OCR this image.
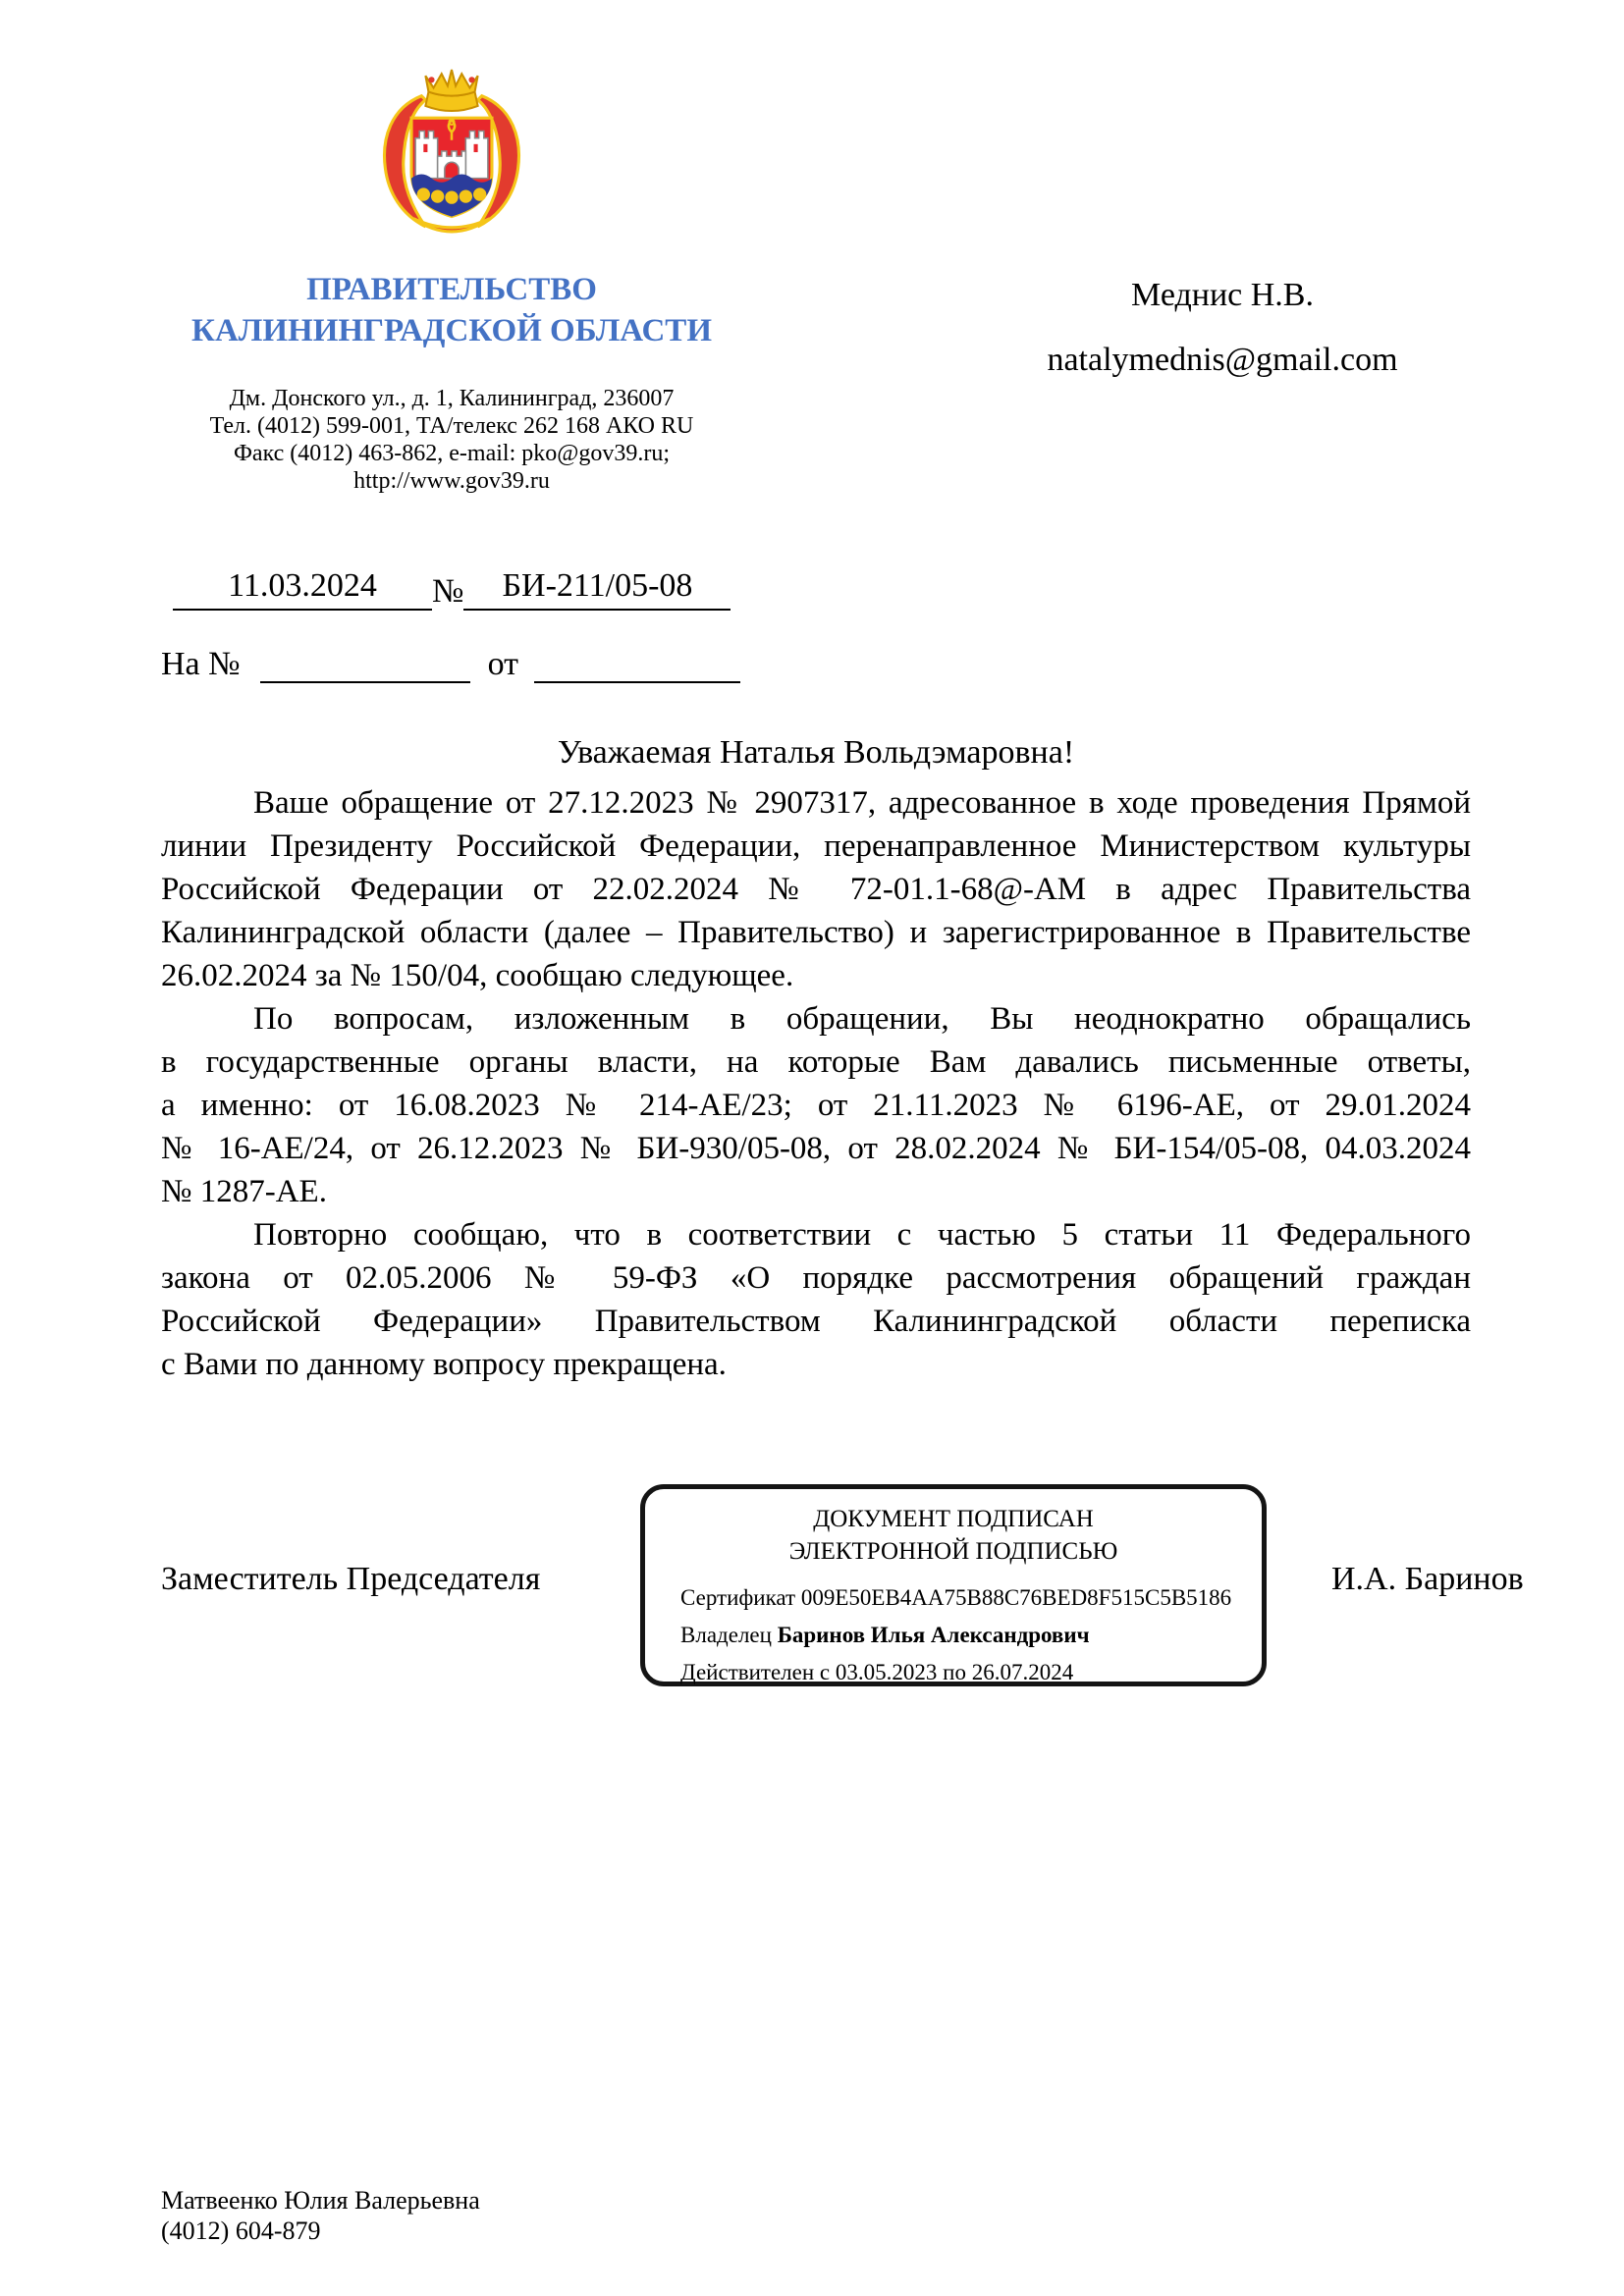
ПРАВИТЕЛЬСТВО
КАЛИНИНГРАДСКОЙ ОБЛАСТИ
Дм. Донского ул., д. 1, Калининград, 236007
Тел. (4012) 599-001, ТА/телекс 262 168 АКО RU
Факс (4012) 463-862, e-mail: pko@gov39.ru;
http://www.gov39.ru
Меднис Н.В.
natalymednis@gmail.com
11.03.2024 № БИ-211/05-08
На №	от
Уважаемая Наталья Вольдэмаровна!
Ваше обращение от 27.12.2023 № 2907317, адресованное в ходе проведения Прямой
линии Президенту Российской Федерации, перенаправленное Министерством культуры
Российской Федерации от 22.02.2024 № 72-01.1-68@-АМ в адрес Правительства
Калининградской области (далее – Правительство) и зарегистрированное в Правительстве
26.02.2024 за № 150/04, сообщаю следующее.
По вопросам, изложенным в обращении, Вы неоднократно обращались
в государственные органы власти, на которые Вам давались письменные ответы,
а именно: от 16.08.2023 № 214-АЕ/23; от 21.11.2023 № 6196-АЕ, от 29.01.2024
№ 16-АЕ/24, от 26.12.2023 № БИ-930/05-08, от 28.02.2024 № БИ-154/05-08, 04.03.2024
№ 1287-АЕ.
Повторно сообщаю, что в соответствии с частью 5 статьи 11 Федерального
закона от 02.05.2006 № 59-ФЗ «О порядке рассмотрения обращений граждан
Российской Федерации» Правительством Калининградской области переписка
с Вами по данному вопросу прекращена.
Заместитель Председателя
ДОКУМЕНТ ПОДПИСАН
ЭЛЕКТРОННОЙ ПОДПИСЬЮ
Сертификат 009E50EB4AA75B88C76BED8F515C5B5186
Владелец Баринов Илья Александрович
Действителен с 03.05.2023 по 26.07.2024
И.А. Баринов
Матвеенко Юлия Валерьевна
(4012) 604-879
